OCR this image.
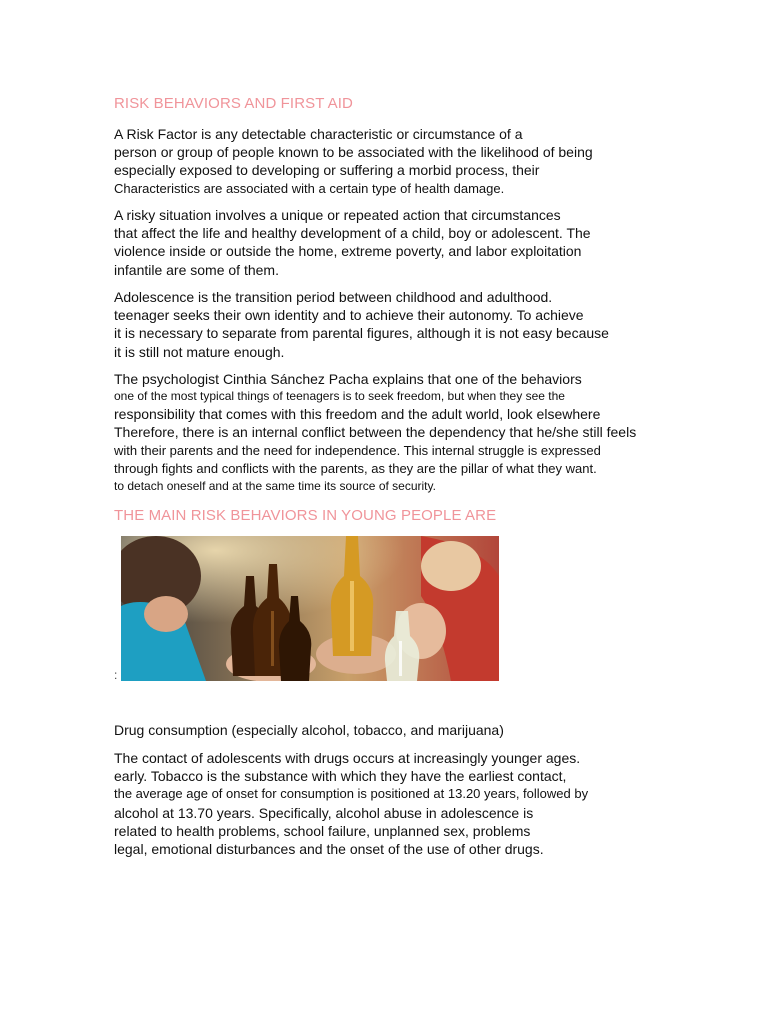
RISK BEHAVIORS AND FIRST AID
A Risk Factor is any detectable characteristic or circumstance of a
person or group of people known to be associated with the likelihood of being
especially exposed to developing or suffering a morbid process, their
Characteristics are associated with a certain type of health damage.
A risky situation involves a unique or repeated action that circumstances
that affect the life and healthy development of a child, boy or adolescent. The
violence inside or outside the home, extreme poverty, and labor exploitation
infantile are some of them.
Adolescence is the transition period between childhood and adulthood.
teenager seeks their own identity and to achieve their autonomy. To achieve
it is necessary to separate from parental figures, although it is not easy because
it is still not mature enough.
The psychologist Cinthia Sánchez Pacha explains that one of the behaviors
one of the most typical things of teenagers is to seek freedom, but when they see the
responsibility that comes with this freedom and the adult world, look elsewhere
Therefore, there is an internal conflict between the dependency that he/she still feels
with their parents and the need for independence. This internal struggle is expressed
through fights and conflicts with the parents, as they are the pillar of what they want.
to detach oneself and at the same time its source of security.
THE MAIN RISK BEHAVIORS IN YOUNG PEOPLE ARE
:
Drug consumption (especially alcohol, tobacco, and marijuana)
The contact of adolescents with drugs occurs at increasingly younger ages.
early. Tobacco is the substance with which they have the earliest contact,
the average age of onset for consumption is positioned at 13.20 years, followed by
alcohol at 13.70 years. Specifically, alcohol abuse in adolescence is
related to health problems, school failure, unplanned sex, problems
legal, emotional disturbances and the onset of the use of other drugs.
